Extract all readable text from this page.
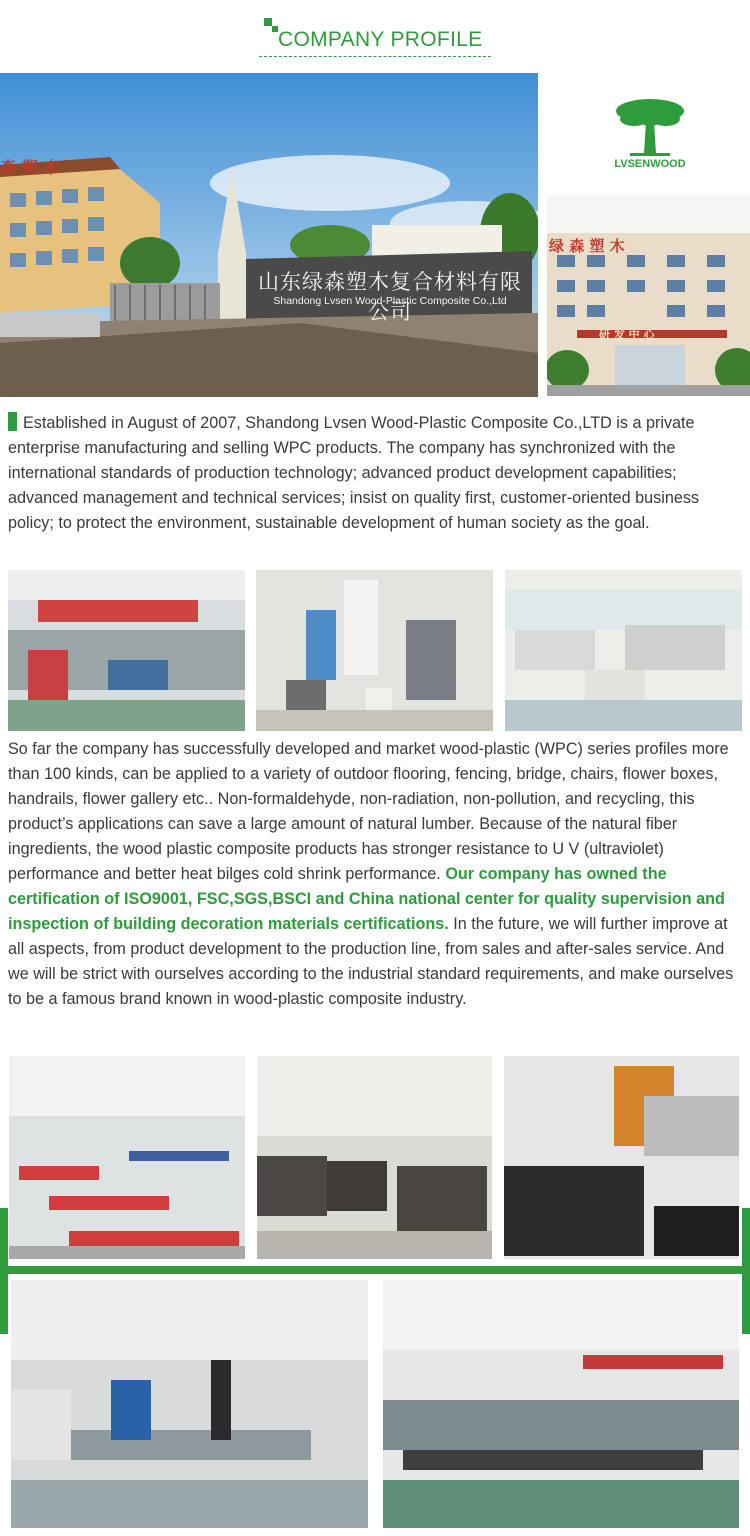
COMPANY PROFILE
山东绿森塑木复合材料有限公司
Shandong Lvsen Wood-Plastic Composite Co.,Ltd
森 塑 木	LVSENWOOD
绿 森 塑 木
研 发 中 心
Established in August of 2007, Shandong Lvsen Wood-Plastic Composite Co.,LTD is a private enterprise manufacturing and selling WPC products. The company has synchronized with the international standards of production technology; advanced product development capabilities; advanced management and technical services; insist on quality first, customer-oriented business policy; to protect the environment, sustainable development of human society as the goal.
So far the company has successfully developed and market wood-plastic (WPC) series profiles more than 100 kinds, can be applied to a variety of outdoor flooring, fencing, bridge, chairs, flower boxes, handrails, flower gallery etc.. Non-formaldehyde, non-radiation, non-pollution, and recycling, this product’s applications can save a large amount of natural lumber. Because of the natural fiber ingredients, the wood plastic composite products has stronger resistance to U V (ultraviolet) performance and better heat bilges cold shrink performance. Our company has owned the certification of ISO9001, FSC,SGS,BSCI and China national center for quality supervision and inspection of building decoration materials certifications. In the future, we will further improve at all aspects, from product development to the production line, from sales and after-sales service. And we will be strict with ourselves according to the industrial standard requirements, and make ourselves to be a famous brand known in wood-plastic composite industry.
